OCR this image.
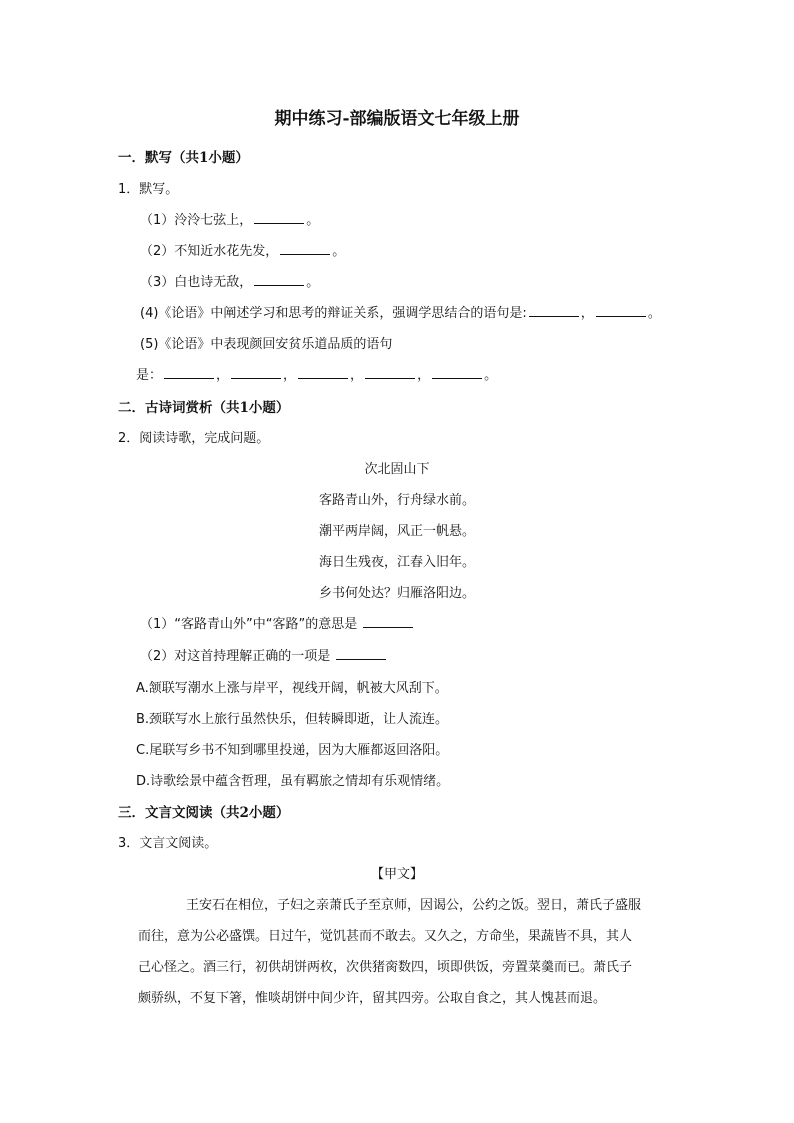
期中练习-部编版语文七年级上册
一．默写（共1小题）
1．默写。
（1）泠泠七弦上，	。
（2）不知近水花先发，	。
（3）白也诗无敌，	。
(4)《论语》中阐述学习和思考的辩证关系，强调学思结合的语句是:	，	。
(5)《论语》中表现颜回安贫乐道品质的语句
是：	，	，	，	，	。
二．古诗词赏析（共1小题）
2．阅读诗歌，完成问题。
次北固山下
客路青山外，行舟绿水前。
潮平两岸阔，风正一帆悬。
海日生残夜，江春入旧年。
乡书何处达？归雁洛阳边。
（1）“客路青山外”中“客路”的意思是
（2）对这首持理解正确的一项是
A.颔联写潮水上涨与岸平，视线开阔，帆被大风刮下。
B.颈联写水上旅行虽然快乐，但转瞬即逝，让人流连。
C.尾联写乡书不知到哪里投递，因为大雁都返回洛阳。
D.诗歌绘景中蕴含哲理，虽有羁旅之情却有乐观情绪。
三．文言文阅读（共2小题）
3．文言文阅读。
【甲文】
王安石在相位，子妇之亲萧氏子至京师，因谒公，公约之饭。翌日，萧氏子盛服
而往，意为公必盛馔。日过午，觉饥甚而不敢去。又久之，方命坐，果蔬皆不具，其人
己心怪之。酒三行，初供胡饼两枚，次供猪脔数四，顷即供饭，旁置菜羹而已。萧氏子
颇骄纵，不复下箸，惟啖胡饼中间少许，留其四旁。公取自食之，其人愧甚而退。
